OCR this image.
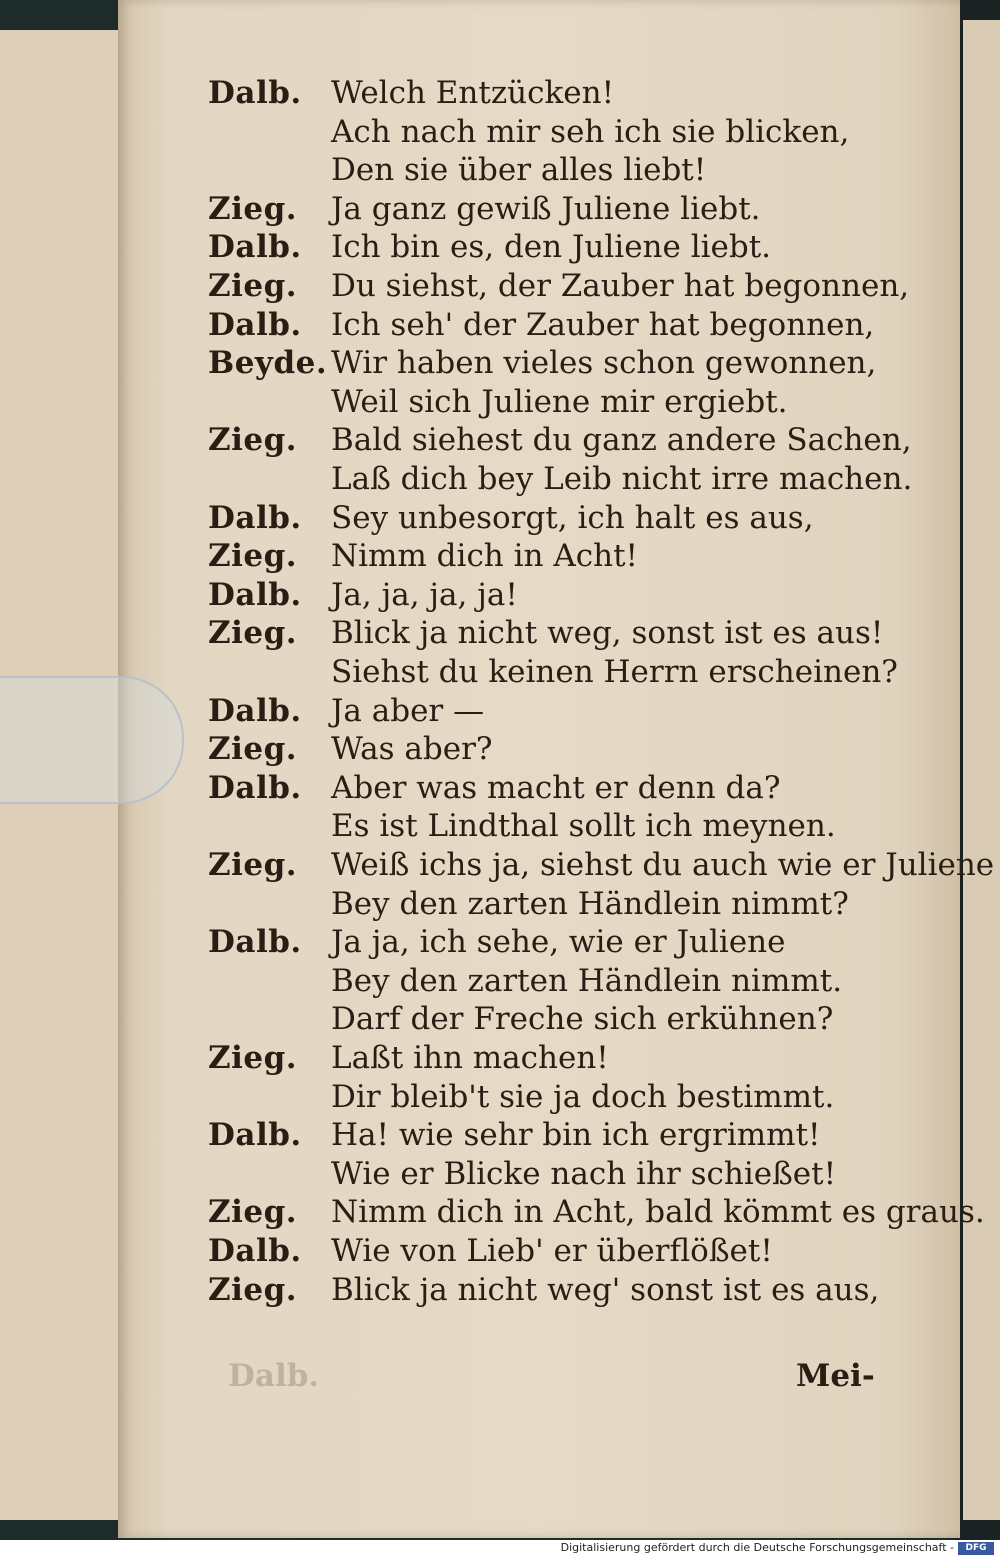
Dalb. Welch Entzücken!
Ach nach mir seh ich sie blicken,
Den sie über alles liebt!
Zieg. Ja ganz gewiß Juliene liebt.
Dalb. Ich bin es, den Juliene liebt.
Zieg. Du siehst, der Zauber hat begonnen,
Dalb. Ich seh' der Zauber hat begonnen,
Beyde. Wir haben vieles schon gewonnen,
Weil sich Juliene mir ergiebt.
Zieg. Bald siehest du ganz andere Sachen,
Laß dich bey Leib nicht irre machen.
Dalb. Sey unbesorgt, ich halt es aus,
Zieg. Nimm dich in Acht!
Dalb. Ja, ja, ja, ja!
Zieg. Blick ja nicht weg, sonst ist es aus!
Siehst du keinen Herrn erscheinen?
Dalb. Ja aber —
Zieg. Was aber?
Dalb. Aber was macht er denn da?
Es ist Lindthal sollt ich meynen.
Zieg. Weiß ichs ja, siehst du auch wie er Juliene
Bey den zarten Händlein nimmt?
Dalb. Ja ja, ich sehe, wie er Juliene
Bey den zarten Händlein nimmt.
Darf der Freche sich erkühnen?
Zieg. Laßt ihn machen!
Dir bleib't sie ja doch bestimmt.
Dalb. Ha! wie sehr bin ich ergrimmt!
Wie er Blicke nach ihr schießet!
Zieg. Nimm dich in Acht, bald kömmt es graus.
Dalb. Wie von Lieb' er überflößet!
Zieg. Blick ja nicht weg' sonst ist es aus,
Dalb.	Mei-
Digitalisierung gefördert durch die Deutsche Forschungsgemeinschaft -	DFG
